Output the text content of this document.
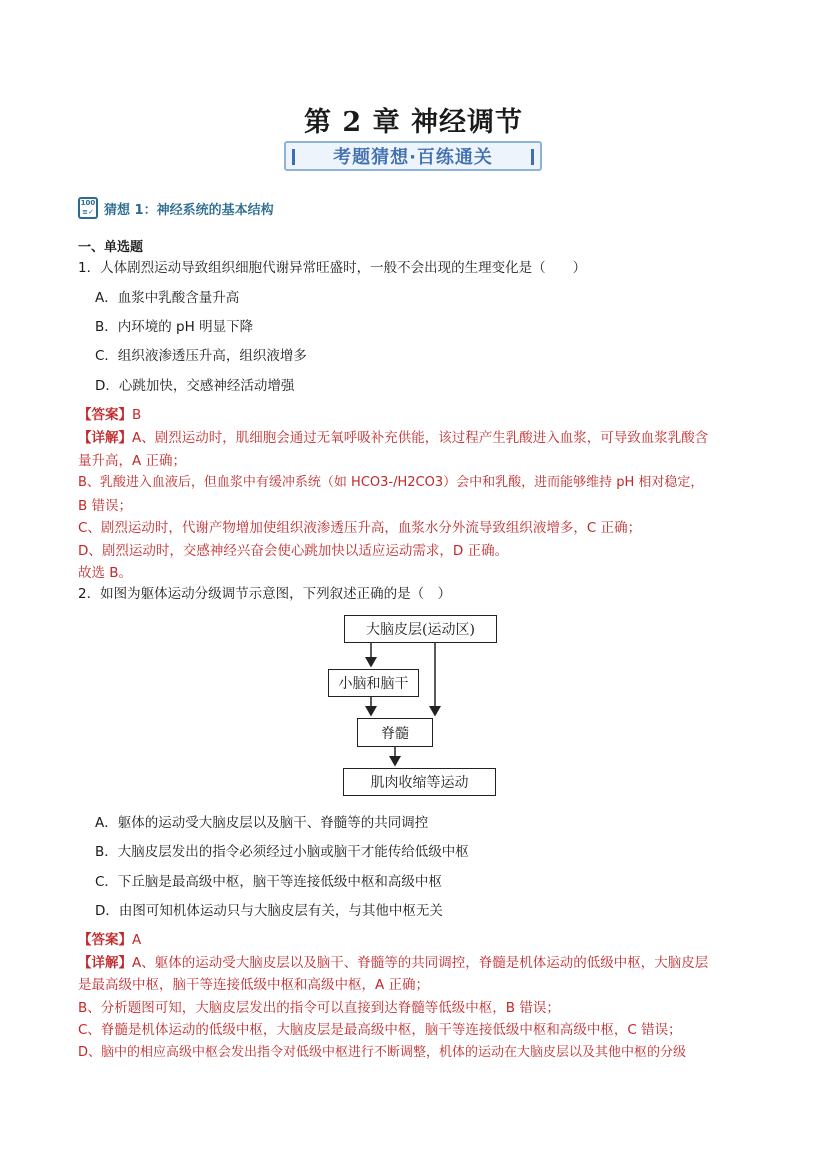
第 2 章 神经调节
考题猜想·百练通关
100
≡✓ 猜想 1：神经系统的基本结构
一、单选题
1．人体剧烈运动导致组织细胞代谢异常旺盛时，一般不会出现的生理变化是（　　）
A．血浆中乳酸含量升高
B．内环境的 pH 明显下降
C．组织液渗透压升高，组织液增多
D．心跳加快，交感神经活动增强
【答案】B
【详解】A、剧烈运动时，肌细胞会通过无氧呼吸补充供能，该过程产生乳酸进入血浆，可导致血浆乳酸含
量升高，A 正确；
B、乳酸进入血液后，但血浆中有缓冲系统（如 HCO3-/H2CO3）会中和乳酸，进而能够维持 pH 相对稳定，
B 错误；
C、剧烈运动时，代谢产物增加使组织液渗透压升高，血浆水分外流导致组织液增多，C 正确；
D、剧烈运动时，交感神经兴奋会使心跳加快以适应运动需求，D 正确。
故选 B。
2．如图为躯体运动分级调节示意图，下列叙述正确的是（　）
大脑皮层(运动区)
小脑和脑干
脊髓
肌肉收缩等运动
A．躯体的运动受大脑皮层以及脑干、脊髓等的共同调控
B．大脑皮层发出的指令必须经过小脑或脑干才能传给低级中枢
C．下丘脑是最高级中枢，脑干等连接低级中枢和高级中枢
D．由图可知机体运动只与大脑皮层有关，与其他中枢无关
【答案】A
【详解】A、躯体的运动受大脑皮层以及脑干、脊髓等的共同调控，脊髓是机体运动的低级中枢，大脑皮层
是最高级中枢，脑干等连接低级中枢和高级中枢，A 正确；
B、分析题图可知，大脑皮层发出的指令可以直接到达脊髓等低级中枢，B 错误；
C、脊髓是机体运动的低级中枢，大脑皮层是最高级中枢，脑干等连接低级中枢和高级中枢，C 错误；
D、脑中的相应高级中枢会发出指令对低级中枢进行不断调整，机体的运动在大脑皮层以及其他中枢的分级
